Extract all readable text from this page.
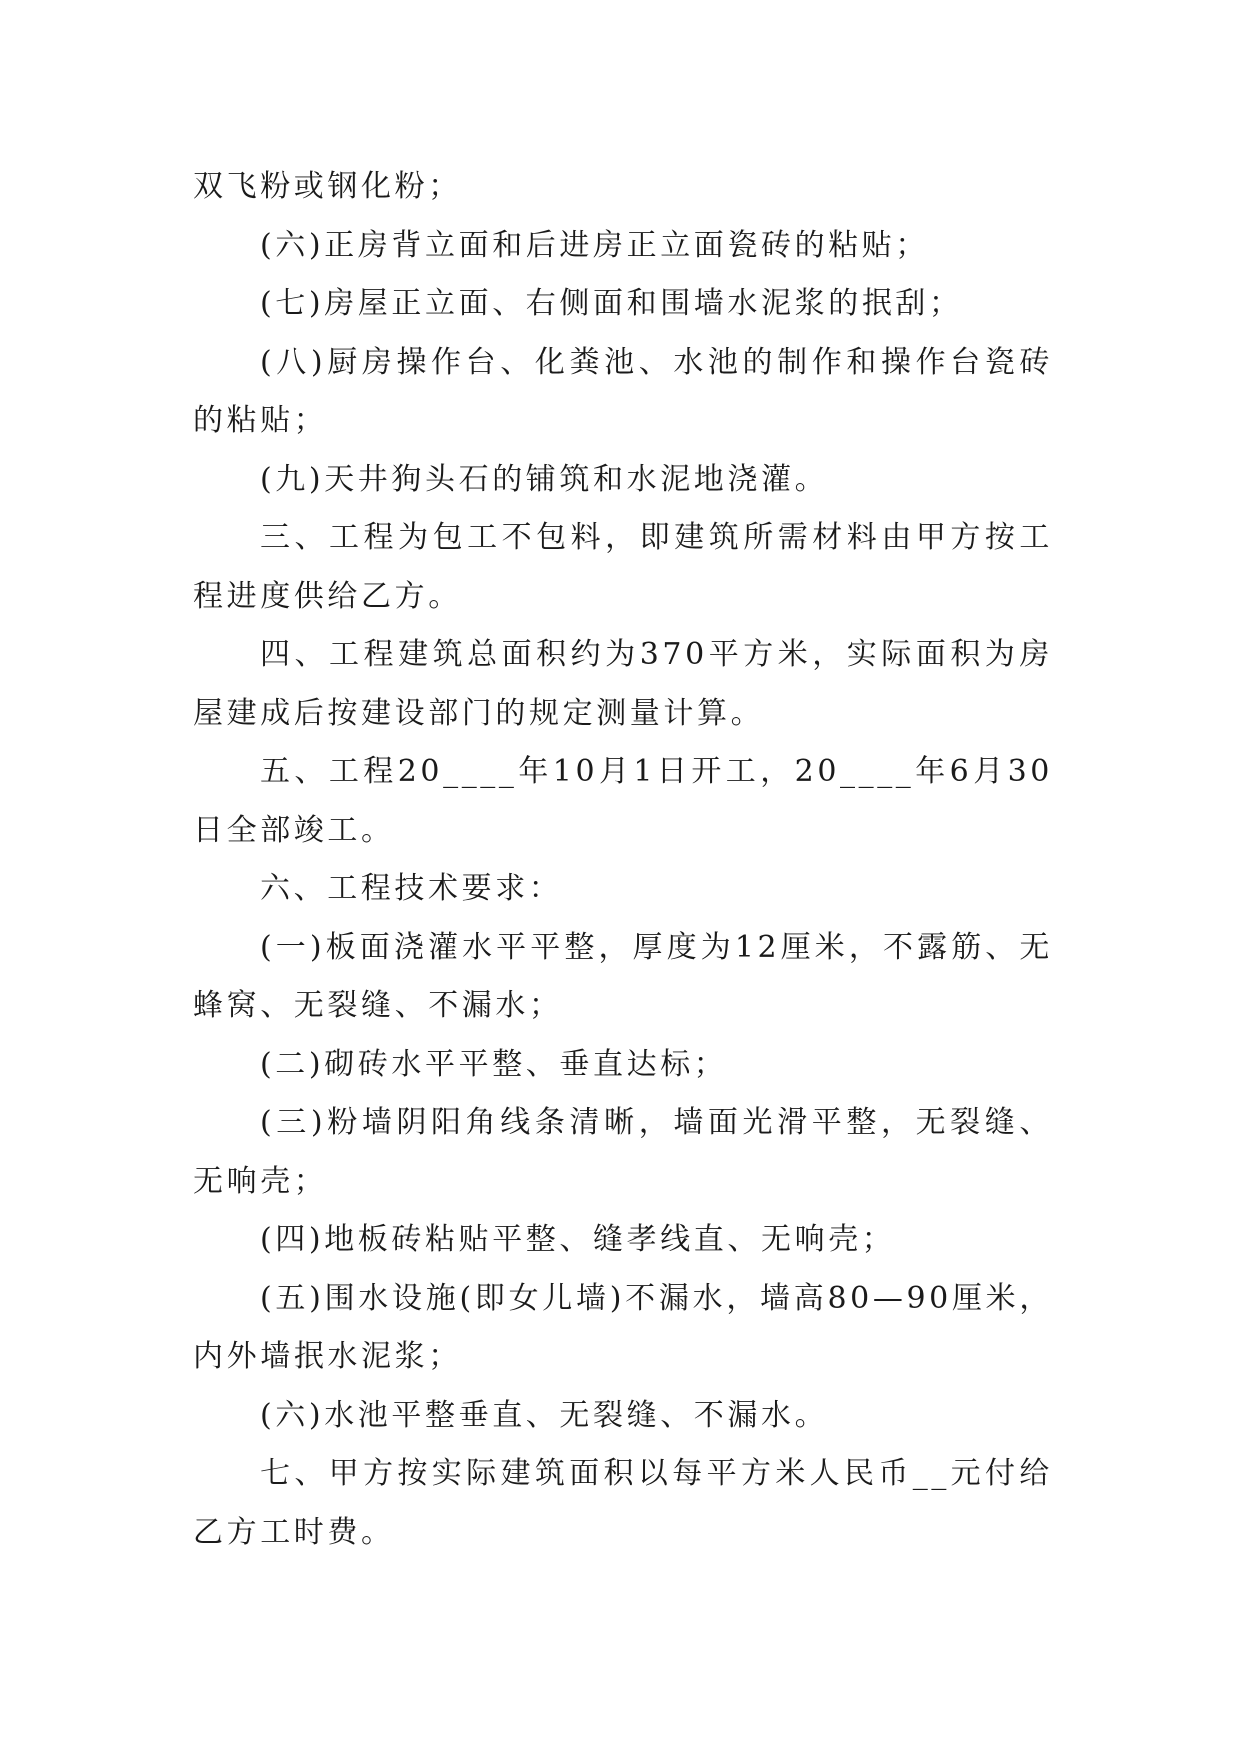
双飞粉或钢化粉；

(六)正房背立面和后进房正立面瓷砖的粘贴；

(七)房屋正立面、右侧面和围墙水泥浆的抿刮；

(八)厨房操作台、化粪池、水池的制作和操作台瓷砖的粘贴；

(九)天井狗头石的铺筑和水泥地浇灌。

三、工程为包工不包料，即建筑所需材料由甲方按工程进度供给乙方。

四、工程建筑总面积约为370平方米，实际面积为房屋建成后按建设部门的规定测量计算。

五、工程20____年10月1日开工，20____年6月30日全部竣工。

六、工程技术要求：

(一)板面浇灌水平平整，厚度为12厘米，不露筋、无蜂窝、无裂缝、不漏水；

(二)砌砖水平平整、垂直达标；

(三)粉墙阴阳角线条清晰，墙面光滑平整，无裂缝、无响壳；

(四)地板砖粘贴平整、缝孝线直、无响壳；

(五)围水设施(即女儿墙)不漏水，墙高80—90厘米，内外墙抿水泥浆；

(六)水池平整垂直、无裂缝、不漏水。

七、甲方按实际建筑面积以每平方米人民币__元付给乙方工时费。
